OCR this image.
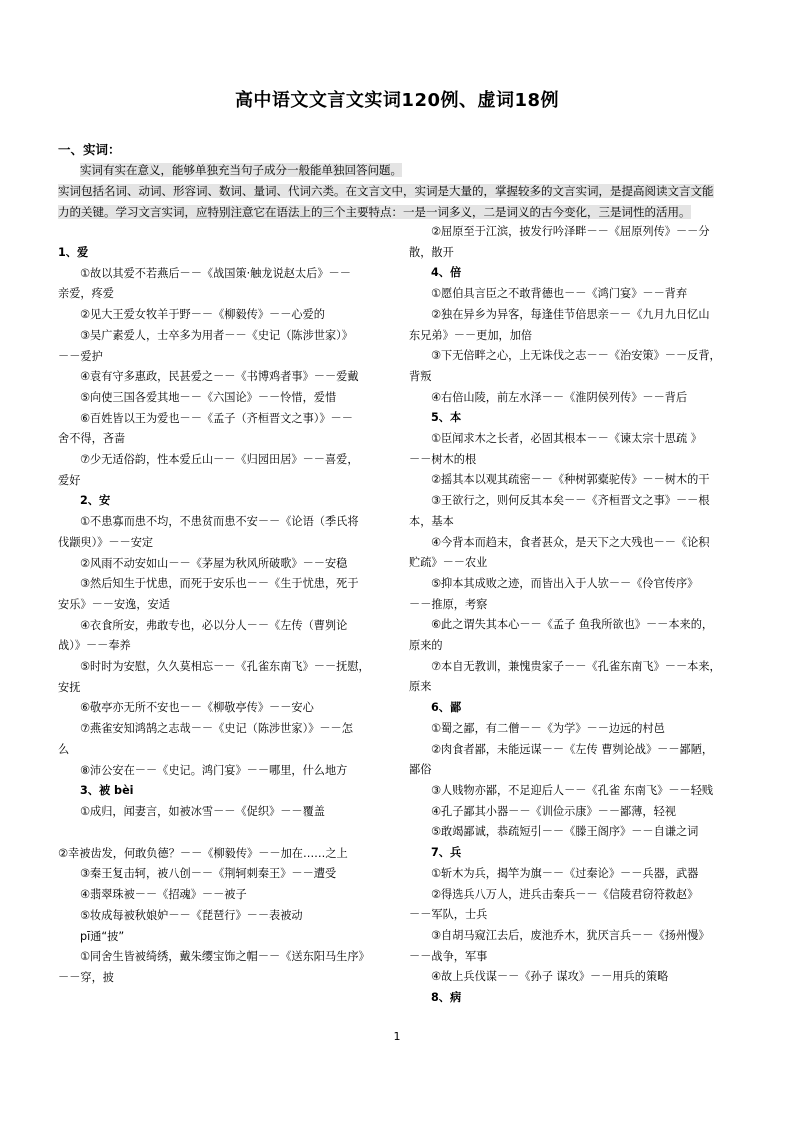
高中语文文言文实词120例、虚词18例
一、实词：

实词有实在意义，能够单独充当句子成分一般能单独回答问题。

实词包括名词、动词、形容词、数词、量词、代词六类。在文言文中，实词是大量的，掌握较多的文言实词，是提高阅读文言文能

力的关键。学习文言实词，应特别注意它在语法上的三个主要特点：一是一词多义，二是词义的古今变化，三是词性的活用。

1、爱
①故以其爱不若燕后－－《战国策·触龙说赵太后》－－
亲爱，疼爱
②见大王爱女牧羊于野－－《柳毅传》－－心爱的
③吴广素爱人，士卒多为用者－－《史记（陈涉世家）》
－－爱护
④袁有守多惠政，民甚爱之－－《书博鸡者事》－－爱戴
⑤向使三国各爱其地－－《六国论》－－怜惜，爱惜
⑥百姓皆以王为爱也－－《孟子（齐桓晋文之事）》－－
舍不得，吝啬
⑦少无适俗韵，性本爱丘山－－《归园田居》－－喜爱，
爱好
2、安
①不患寡而患不均，不患贫而患不安－－《论语（季氏将
伐颛臾）》－－安定
②风雨不动安如山－－《茅屋为秋风所破歌》－－安稳
③然后知生于忧患，而死于安乐也－－《生于忧患，死于
安乐》－－安逸，安适
④衣食所安，弗敢专也，必以分人－－《左传（曹刿论
战）》－－奉养
⑤时时为安慰，久久莫相忘－－《孔雀东南飞》－－抚慰，
安抚
⑥敬亭亦无所不安也－－《柳敬亭传》－－安心
⑦燕雀安知鸿鹄之志哉－－《史记（陈涉世家）》－－怎
么
⑧沛公安在－－《史记。鸿门宴》－－哪里，什么地方
3、被 bèi
①成归，闻妻言，如被冰雪－－《促织》－－覆盖
②幸被齿发，何敢负德？－－《柳毅传》－－加在……之上
③秦王复击轲，被八创－－《荆轲刺秦王》－－遭受
④翡翠珠被－－《招魂》－－被子
⑤妆成每被秋娘妒－－《琵琶行》－－表被动
pī通“披”
①同舍生皆被绮绣，戴朱缨宝饰之帽－－《送东阳马生序》
－－穿，披
②屈原至于江滨，披发行吟泽畔－－《屈原列传》－－分
散，散开
4、倍
①愿伯具言臣之不敢背德也－－《鸿门宴》－－背弃
②独在异乡为异客，每逢佳节倍思亲－－《九月九日忆山
东兄弟》－－更加，加倍
③下无倍畔之心，上无诛伐之志－－《治安策》－－反背，
背叛
④右倍山陵，前左水泽－－《淮阴侯列传》－－背后
5、本
①臣闻求木之长者，必固其根本－－《谏太宗十思疏 》
－－树木的根
②摇其本以观其疏密－－《种树郭橐驼传》－－树木的干
③王欲行之，则何反其本矣－－《齐桓晋文之事》－－根
本，基本
④今背本而趋末，食者甚众，是天下之大残也－－《论积
贮疏》－－农业
⑤抑本其成败之迹，而皆出入于人欤－－《伶官传序》
－－推原，考察
⑥此之谓失其本心－－《孟子 鱼我所欲也》－－本来的，
原来的
⑦本自无教训，兼愧贵家子－－《孔雀东南飞》－－本来，
原来
6、鄙
①蜀之鄙，有二僧－－《为学》－－边远的村邑
②肉食者鄙，未能远谋－－《左传 曹刿论战》－－鄙陋，
鄙俗
③人贱物亦鄙，不足迎后人－－《孔雀 东南飞》－－轻贱
④孔子鄙其小器－－《训俭示康》－－鄙薄，轻视
⑤敢竭鄙诚，恭疏短引－－《滕王阁序》－－自谦之词
7、兵
①斩木为兵，揭竿为旗－－《过秦论》－－兵器，武器
②得选兵八万人，进兵击秦兵－－《信陵君窃符救赵》
－－军队，士兵
③自胡马窥江去后，废池乔木，犹厌言兵－－《扬州慢》
－－战争，军事
④故上兵伐谋－－《孙子 谋攻》－－用兵的策略
8、病
1
